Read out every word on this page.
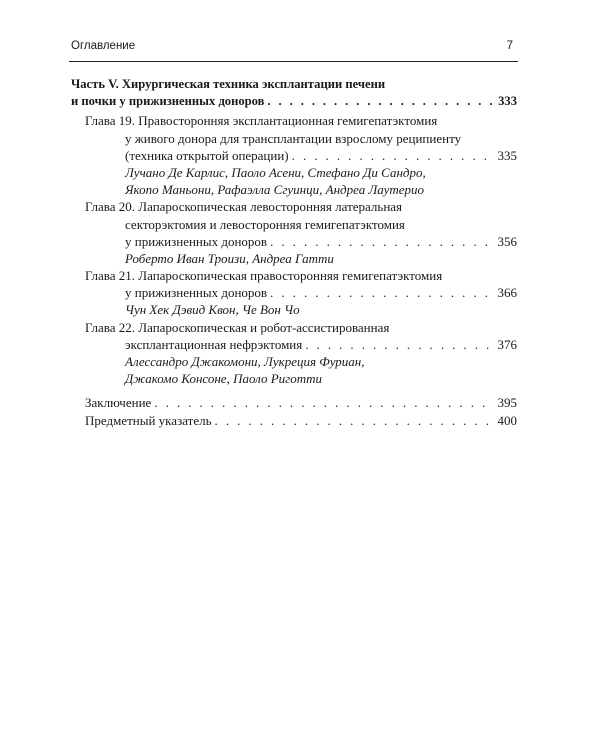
Оглавление	7
Часть V. Хирургическая техника эксплантации печени
и почки у прижизненных доноров . . .	333
Глава 19. Правосторонняя эксплантационная гемигепатэктомия
у живого донора для трансплантации взрослому реципиенту
(техника открытой операции) . . .	335
Лучано Де Карлис, Паоло Асени, Стефано Ди Сандро,
Якопо Маньони, Рафаэлла Сгуинци, Андреа Лаутерио
Глава 20. Лапароскопическая левосторонняя латеральная
секторэктомия и левосторонняя гемигепатэктомия
у прижизненных доноров . . .	356
Роберто Иван Троизи, Андреа Гатти
Глава 21. Лапароскопическая правосторонняя гемигепатэктомия
у прижизненных доноров . . .	366
Чун Хек Дэвид Квон, Че Вон Чо
Глава 22. Лапароскопическая и робот-ассистированная
эксплантационная нефрэктомия . . .	376
Алессандро Джакомони, Лукреция Фуриан,
Джакомо Консоне, Паоло Риготти
Заключение . . .	395
Предметный указатель . . .	400
